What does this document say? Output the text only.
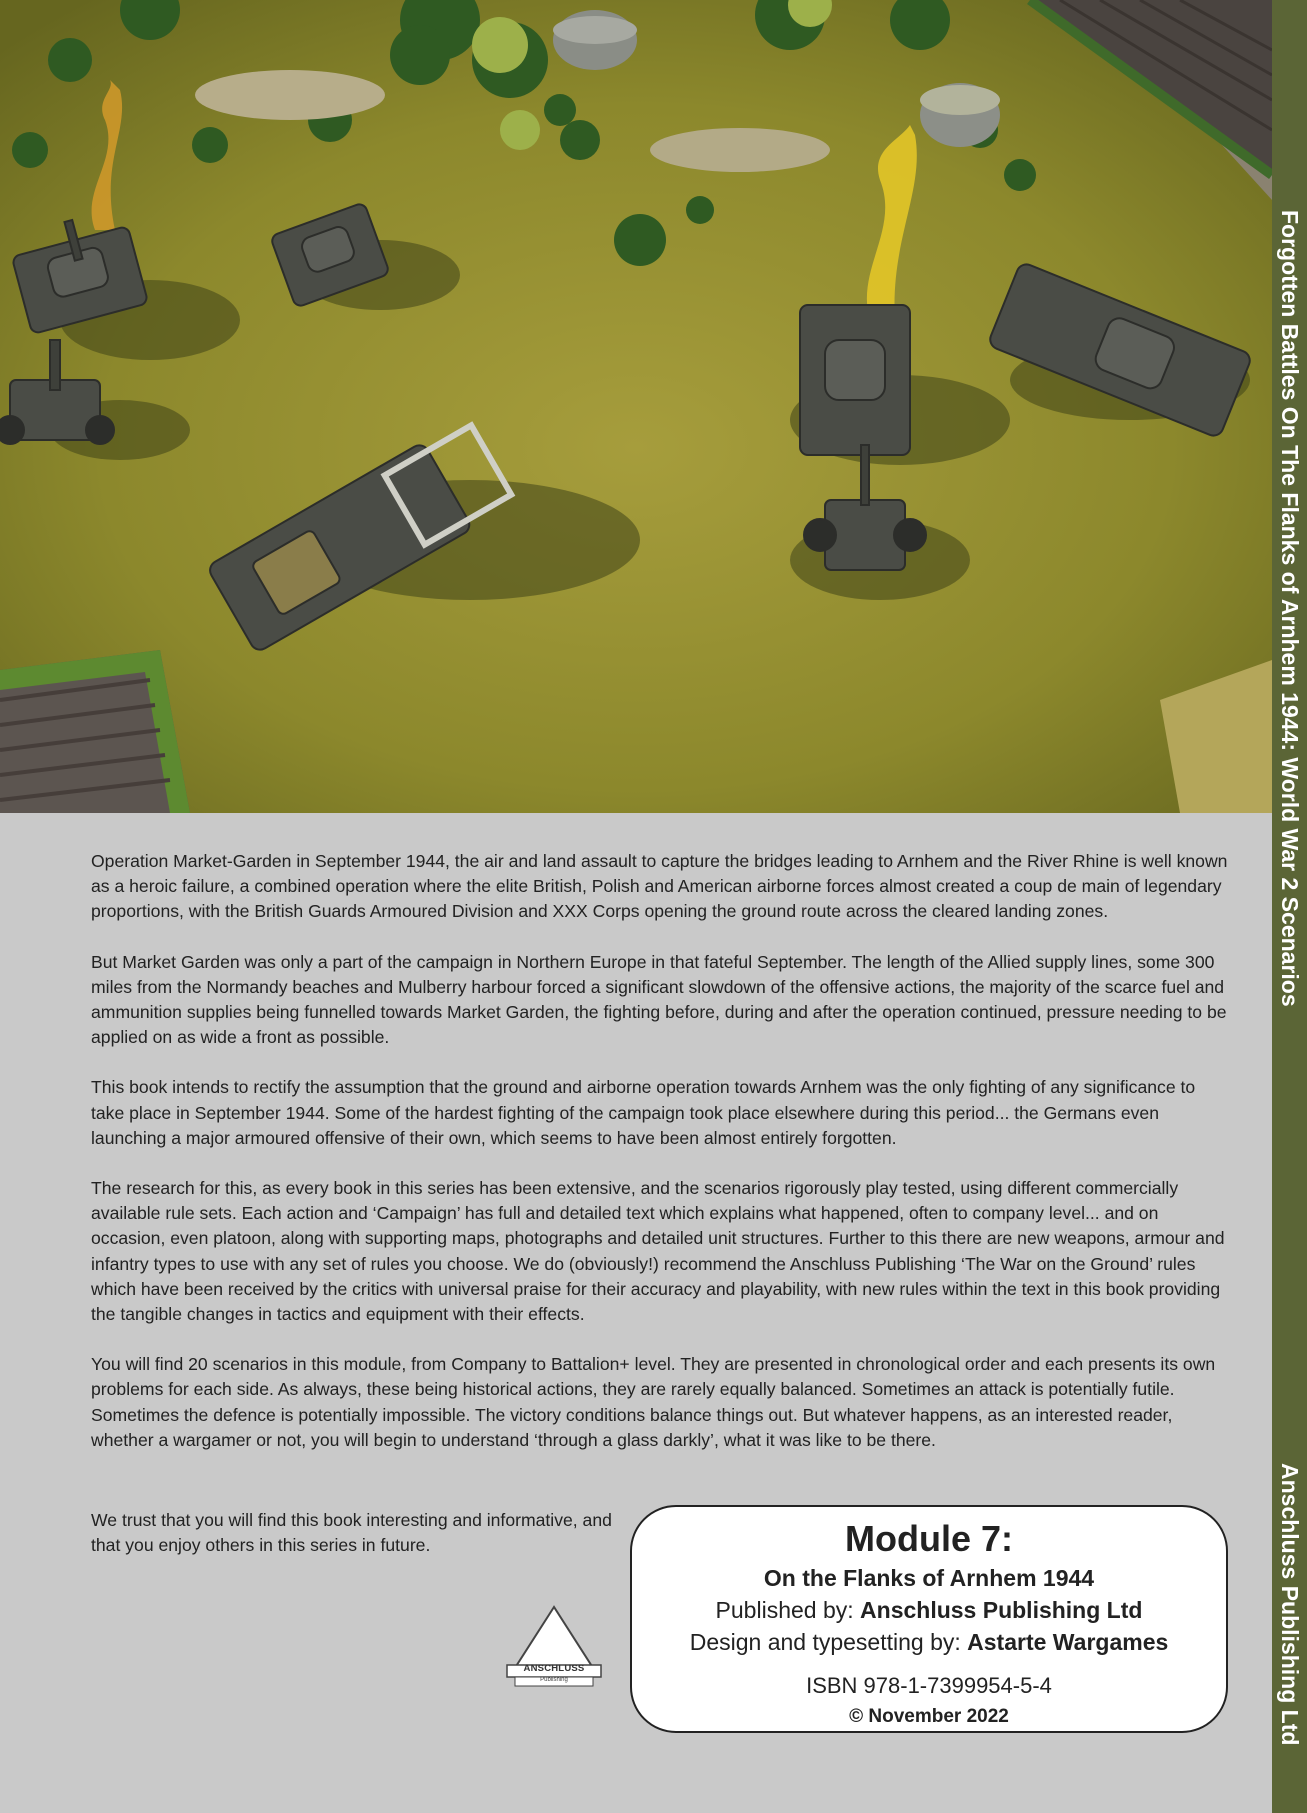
Forgotten Battles On The Flanks of Arnhem 1944: World War 2 Scenarios
Anschluss Publishing Ltd

Operation Market-Garden in September 1944, the air and land assault to capture the bridges leading to Arnhem and the River Rhine is well known as a heroic failure, a combined operation where the elite British, Polish and American airborne forces almost created a coup de main of legendary proportions, with the British Guards Armoured Division and XXX Corps opening the ground route across the cleared landing zones.

But Market Garden was only a part of the campaign in Northern Europe in that fateful September. The length of the Allied supply lines, some 300 miles from the Normandy beaches and Mulberry harbour forced a significant slowdown of the offensive actions, the majority of the scarce fuel and ammunition supplies being funnelled towards Market Garden, the fighting before, during and after the operation continued, pressure needing to be applied on as wide a front as possible.

This book intends to rectify the assumption that the ground and airborne operation towards Arnhem was the only fighting of any significance to take place in September 1944. Some of the hardest fighting of the campaign took place elsewhere during this period... the Germans even launching a major armoured offensive of their own, which seems to have been almost entirely forgotten.

The research for this, as every book in this series has been extensive, and the scenarios rigorously play tested, using different commercially available rule sets. Each action and ‘Campaign’ has full and detailed text which explains what happened, often to company level... and on occasion, even platoon, along with supporting maps, photographs and detailed unit structures. Further to this there are new weapons, armour and infantry types to use with any set of rules you choose. We do (obviously!) recommend the Anschluss Publishing ‘The War on the Ground’ rules which have been received by the critics with universal praise for their accuracy and playability, with new rules within the text in this book providing the tangible changes in tactics and equipment with their effects.

You will find 20 scenarios in this module, from Company to Battalion+ level. They are presented in chronological order and each presents its own problems for each side. As always, these being historical actions, they are rarely equally balanced. Sometimes an attack is potentially futile. Sometimes the defence is potentially impossible. The victory conditions balance things out. But whatever happens, as an interested reader, whether a wargamer or not, you will begin to understand ‘through a glass darkly’, what it was like to be there.

We trust that you will find this book interesting and informative, and that you enjoy others in this series in future.

ANSCHLUSS
Publishing
Module 7:
On the Flanks of Arnhem 1944
Published by: Anschluss Publishing Ltd
Design and typesetting by: Astarte Wargames
ISBN 978-1-7399954-5-4
© November 2022
